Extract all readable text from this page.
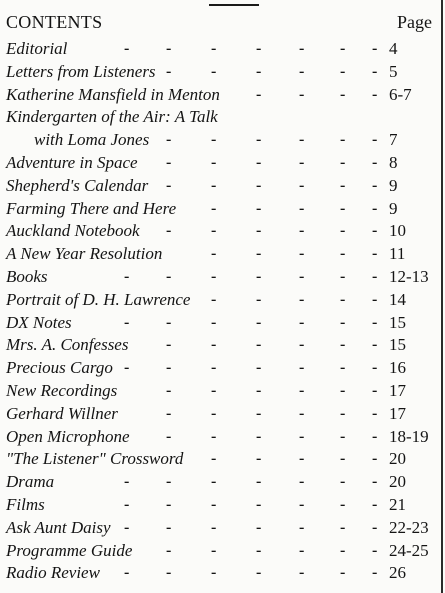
CONTENTS	Page
Editorial	4
- - - - - - -
Letters from Listeners	5
- - - - - -
Katherine Mansfield in Menton	6-7
- - - -
Kindergarten of the Air: A Talk
with Loma Jones	7
- - - - - -
Adventure in Space	8
- - - - - -
Shepherd's Calendar	9
- - - - - -
Farming There and Here	9
- - - - -
Auckland Notebook	10
- - - - - -
A New Year Resolution	11
- - - - -
Books	12-13
- - - - - - -
Portrait of D. H. Lawrence	14
- - - - -
DX Notes	15
- - - - - - -
Mrs. A. Confesses	15
- - - - - -
Precious Cargo	16
- - - - - - -
New Recordings	17
- - - - - -
Gerhard Willner	17
- - - - - -
Open Microphone	18-19
- - - - - -
"The Listener" Crossword	20
- - - - -
Drama	20
- - - - - - -
Films	21
- - - - - - -
Ask Aunt Daisy	22-23
- - - - - - -
Programme Guide	24-25
- - - - - -
Radio Review	26
- - - - - - -
